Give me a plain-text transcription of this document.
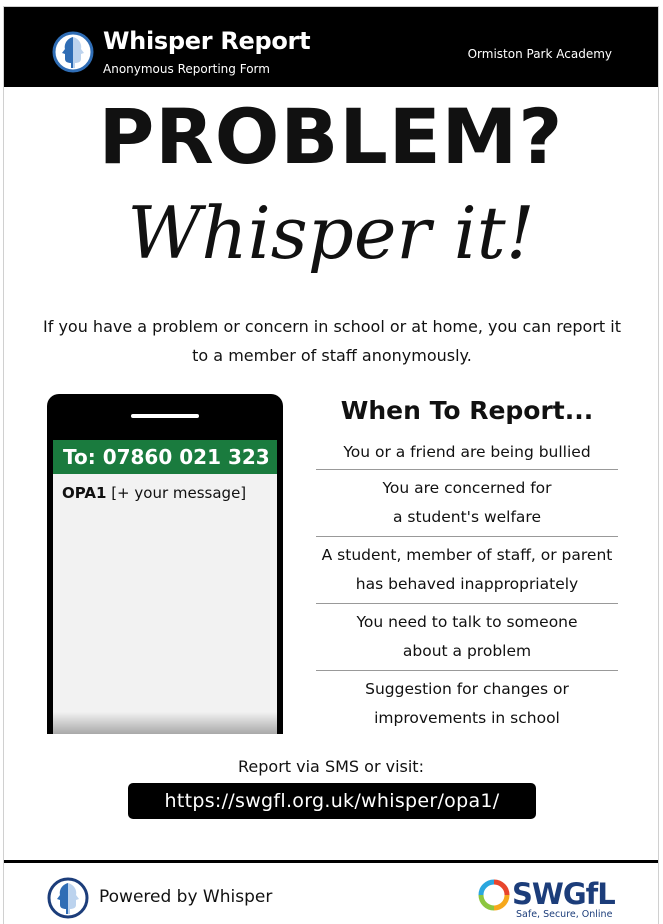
Whisper Report
Anonymous Reporting Form
Ormiston Park Academy
PROBLEM?
Whisper it!
If you have a problem or concern in school or at home, you can report it to a member of staff anonymously.
To: 07860 021 323
OPA1 [+ your message]
When To Report...
You or a friend are being bullied
You are concerned for
a student's welfare
A student, member of staff, or parent
has behaved inappropriately
You need to talk to someone
about a problem
Suggestion for changes or
improvements in school
Report via SMS or visit:
https://swgfl.org.uk/whisper/opa1/
Powered by Whisper	SWGfL
Safe, Secure, Online
